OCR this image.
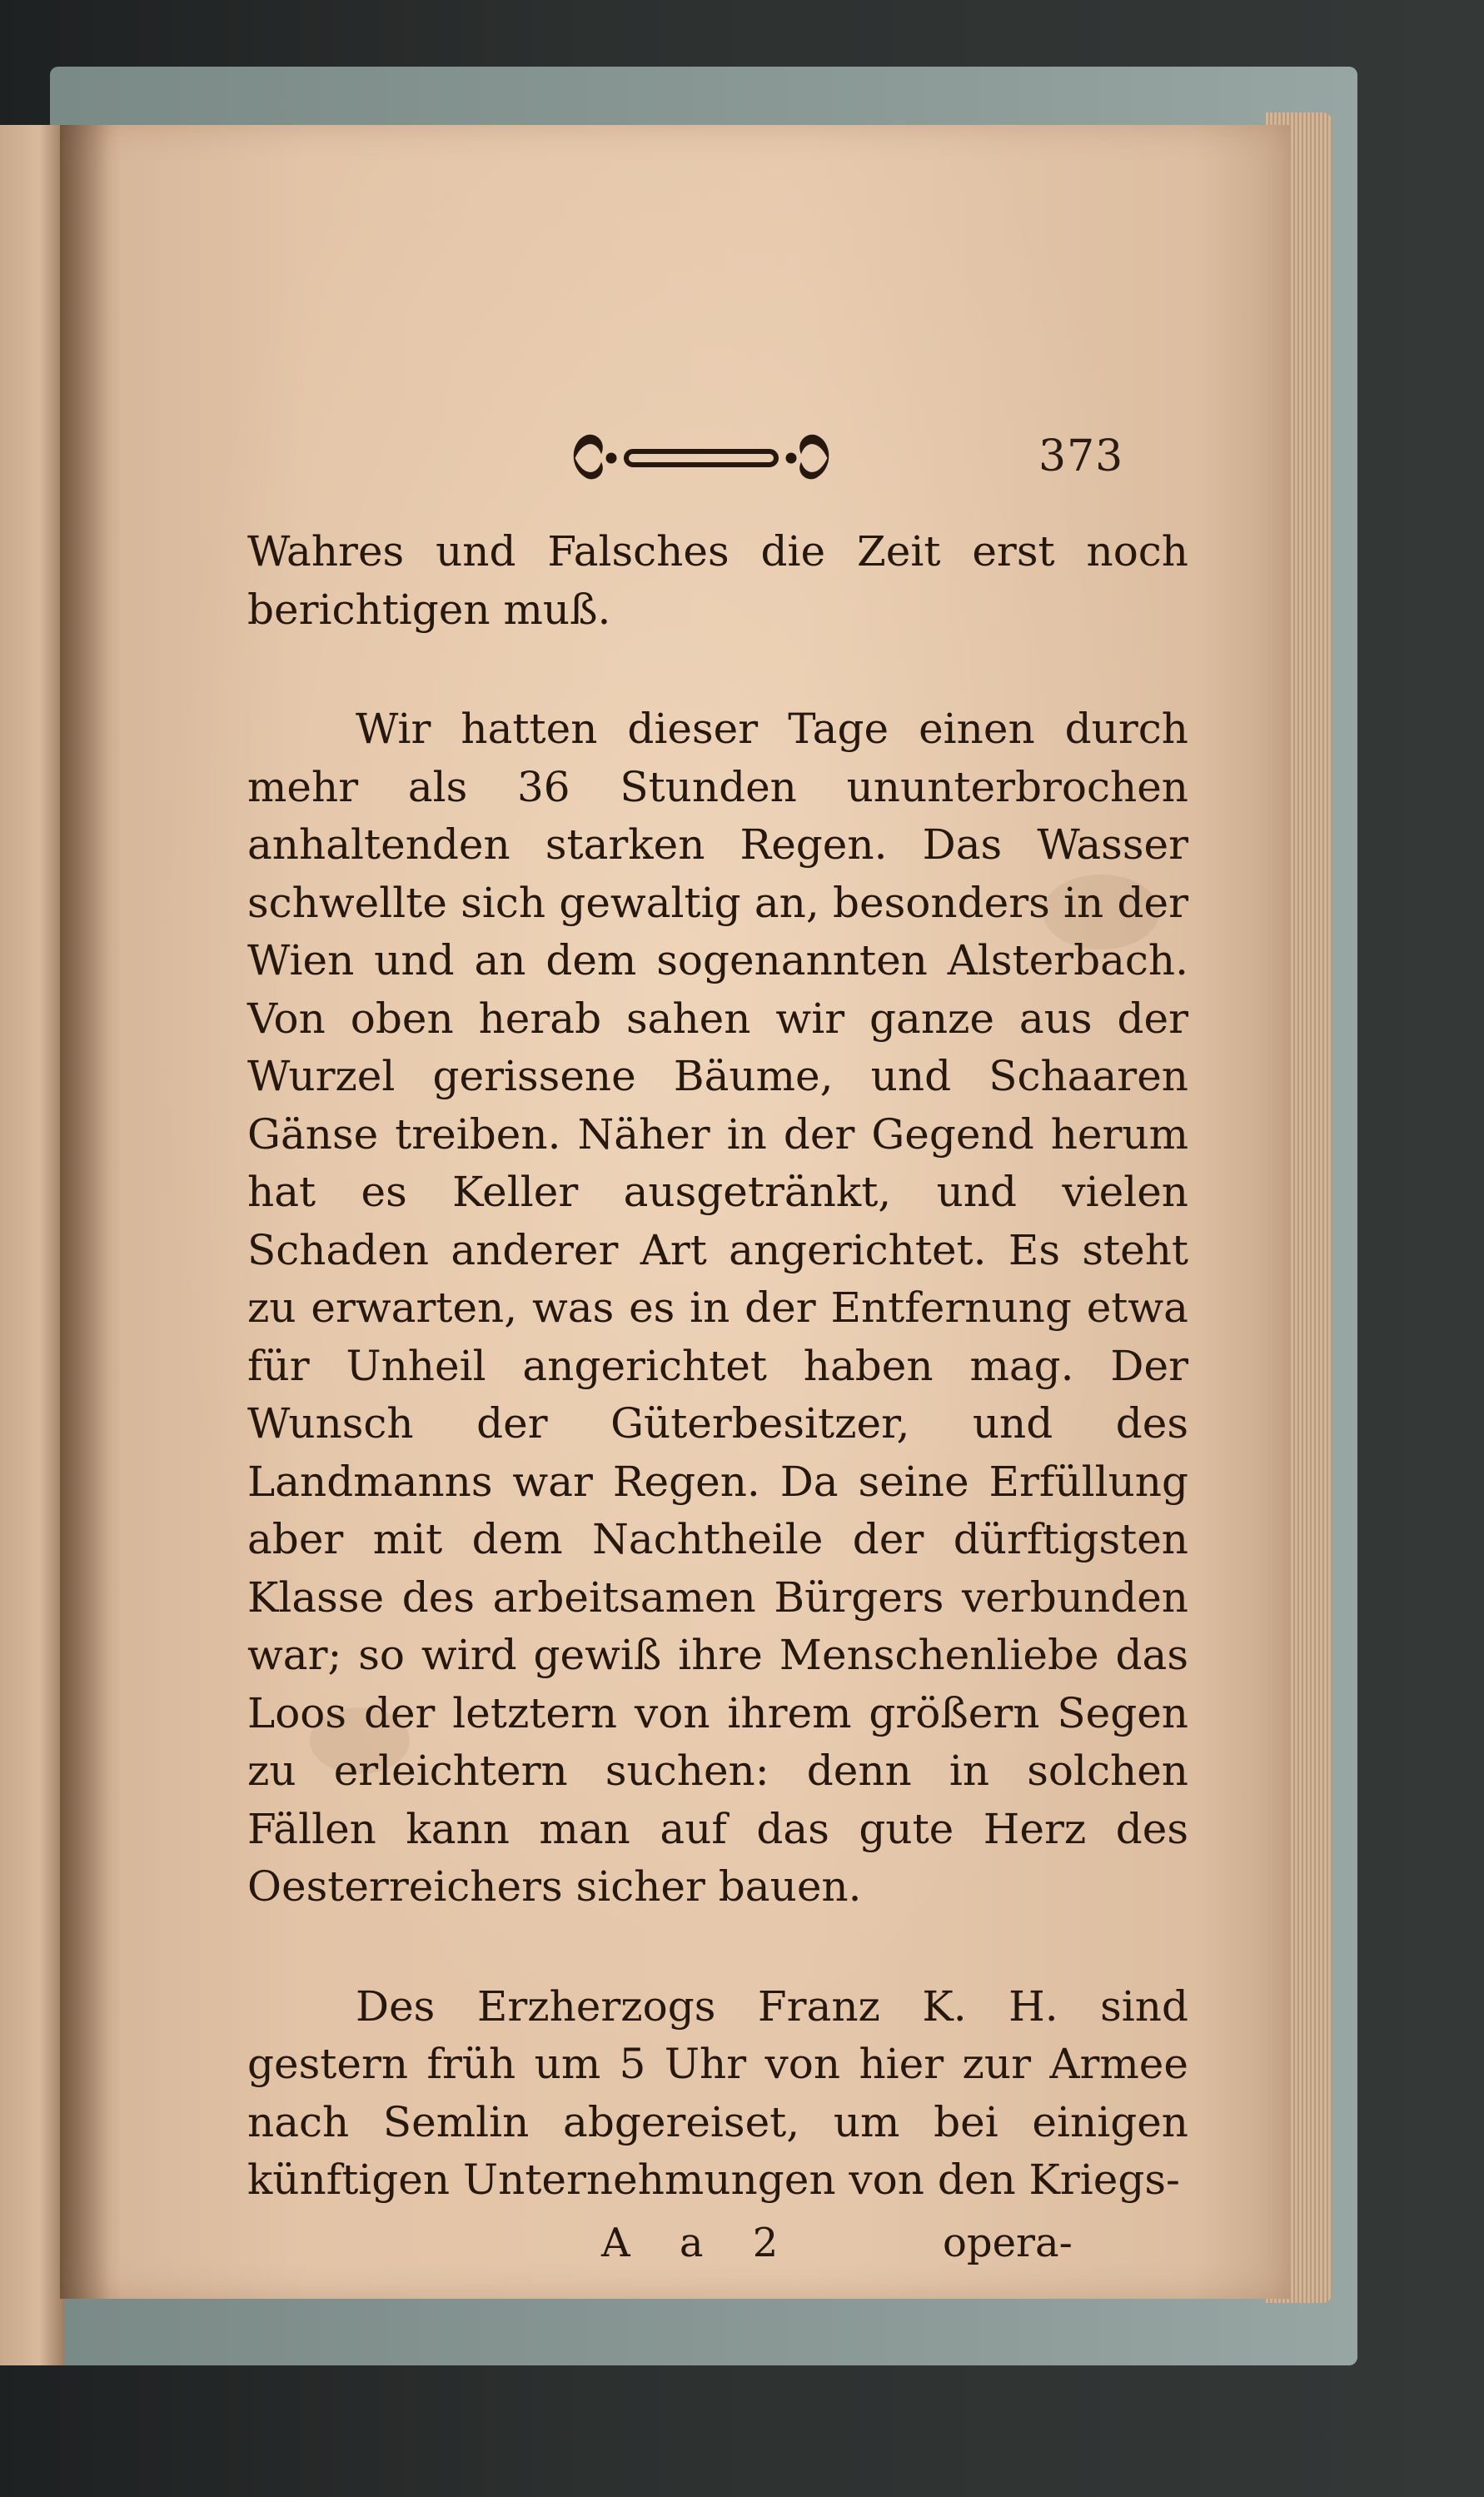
373

Wahres und Falsches die Zeit erst noch berichtigen muß.

Wir hatten dieser Tage einen durch mehr als 36 Stunden ununterbrochen anhaltenden starken Regen. Das Wasser schwellte sich gewaltig an, besonders in der Wien und an dem sogenannten Alsterbach. Von oben herab sahen wir ganze aus der Wurzel gerissene Bäume, und Schaaren Gänse treiben. Näher in der Gegend herum hat es Keller ausgetränkt, und vielen Schaden anderer Art angerichtet. Es steht zu erwarten, was es in der Entfernung etwa für Unheil angerichtet haben mag. Der Wunsch der Güterbesitzer, und des Landmanns war Regen. Da seine Erfüllung aber mit dem Nachtheile der dürftigsten Klasse des arbeitsamen Bürgers verbunden war; so wird gewiß ihre Menschenliebe das Loos der letztern von ihrem größern Segen zu erleichtern suchen: denn in solchen Fällen kann man auf das gute Herz des Oesterreichers sicher bauen.

Des Erzherzogs Franz K. H. sind gestern früh um 5 Uhr von hier zur Armee nach Semlin abgereiset, um bei einigen künftigen Unternehmungen von den Kriegs-

A a 2	opera-
